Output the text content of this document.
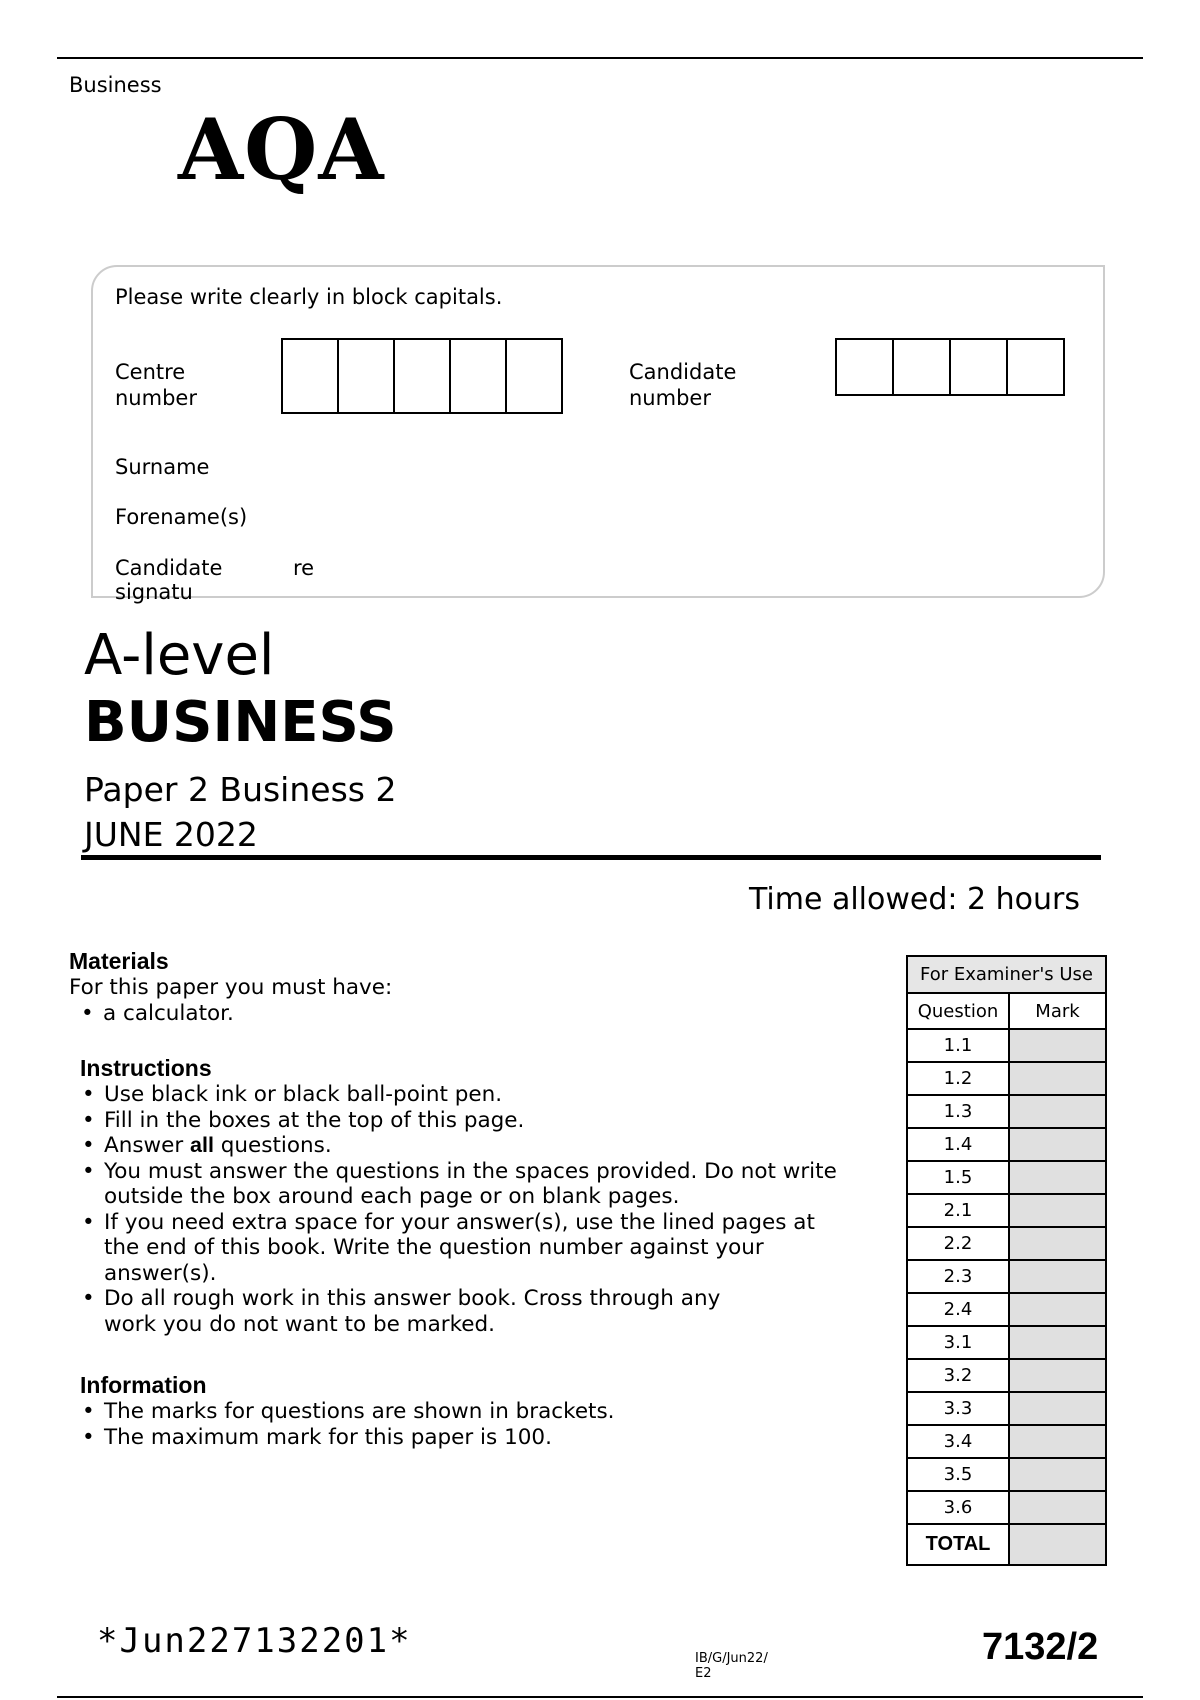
Business
AQA
Please write clearly in block capitals.
Centre
number
Candidate
number
Surname
Forename(s)
Candidate	re
signatu
A-level
BUSINESS
Paper 2 Business 2
JUNE 2022
Time allowed: 2 hours
Materials
For this paper you must have:
• a calculator.
Instructions
• Use black ink or black ball-point pen.
• Fill in the boxes at the top of this page.
• Answer all questions.
• You must answer the questions in the spaces provided. Do not write
outside the box around each page or on blank pages.
• If you need extra space for your answer(s), use the lined pages at
the end of this book. Write the question number against your
answer(s).
• Do all rough work in this answer book. Cross through any
work you do not want to be marked.
Information
• The marks for questions are shown in brackets.
• The maximum mark for this paper is 100.
For Examiner's Use	
Question	Mark
1.1	
1.2	
1.3	
1.4	
1.5	
2.1	
2.2	
2.3	
2.4	
3.1	
3.2	
3.3	
3.4	
3.5	
3.6	
TOTAL	
*Jun227132201*	IB/G/Jun22/
E2
7132/2
